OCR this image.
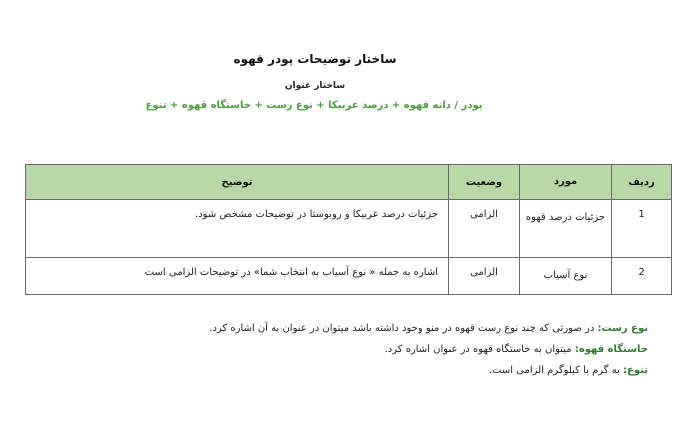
ساختار توضیحات پودر قهوه
ساختار عنوان
پودر / دانه قهوه + درصد عربیکا + نوع رست + خاستگاه قهوه + تنوع
ردیف	مورد	وضعیت	توضیح
1	جزئیات درصد قهوه	الزامی	جزئیات درصد عربیکا و روبوستا در توضیحات مشخص شود.
2	نوع آسیاب	الزامی	اشاره به جمله « نوع آسیاب به انتخاب شما» در توضیحات الزامی است
نوع رست: در صورتی که چند نوع رست قهوه در منو وجود داشته باشد میتوان در عنوان به آن اشاره کرد.
خاستگاه قهوه: میتوان به خاستگاه قهوه در عنوان اشاره کرد.
تنوع: به گرم یا کیلوگرم الزامی است.
